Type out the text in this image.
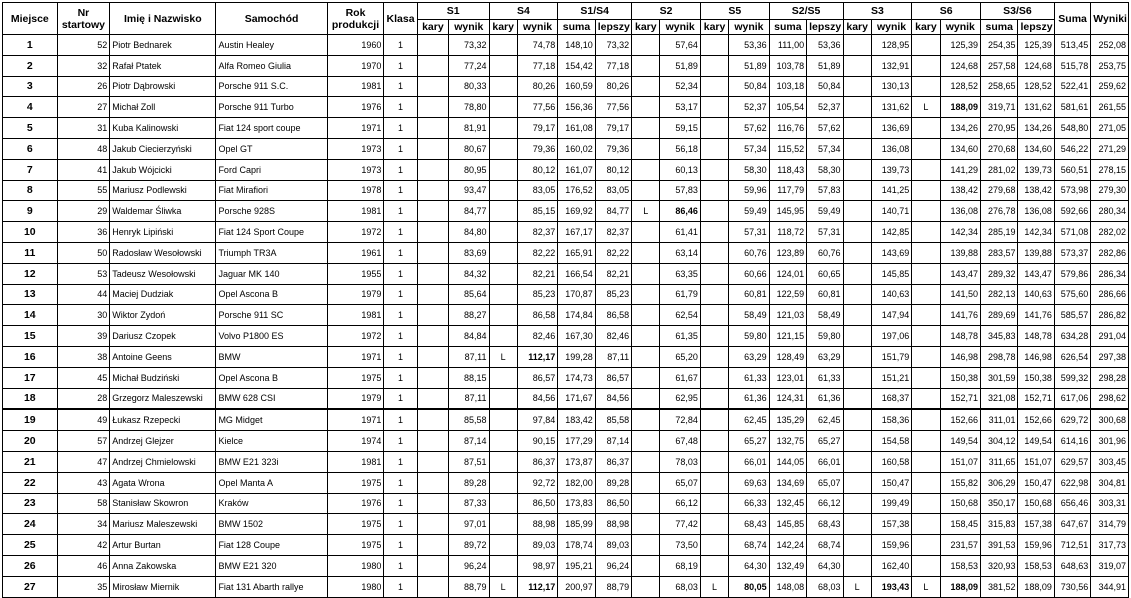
Miejsce	Nr startowy	Imię i Nazwisko	Samochód	Rok produkcji	Klasa	S1		S4		S1/S4		S2		S5		S2/S5		S3		S6		S3/S6		Suma	Wyniki
						kary	wynik	kary	wynik	suma	lepszy	kary	wynik	kary	wynik	suma	lepszy	kary	wynik	kary	wynik	suma	lepszy		
1	52	Piotr Bednarek	Austin Healey	1960	1		73,32		74,78	148,10	73,32		57,64		53,36	111,00	53,36		128,95		125,39	254,35	125,39	513,45	252,08
2	32	Rafał Ptatek	Alfa Romeo Giulia	1970	1		77,24		77,18	154,42	77,18		51,89		51,89	103,78	51,89		132,91		124,68	257,58	124,68	515,78	253,75
3	26	Piotr Dąbrowski	Porsche 911 S.C.	1981	1		80,33		80,26	160,59	80,26		52,34		50,84	103,18	50,84		130,13		128,52	258,65	128,52	522,41	259,62
4	27	Michał Zoll	Porsche 911 Turbo	1976	1		78,80		77,56	156,36	77,56		53,17		52,37	105,54	52,37		131,62	L	188,09	319,71	131,62	581,61	261,55
5	31	Kuba Kalinowski	Fiat 124 sport coupe	1971	1		81,91		79,17	161,08	79,17		59,15		57,62	116,76	57,62		136,69		134,26	270,95	134,26	548,80	271,05
6	48	Jakub Ciecierzyński	Opel GT	1973	1		80,67		79,36	160,02	79,36		56,18		57,34	115,52	57,34		136,08		134,60	270,68	134,60	546,22	271,29
7	41	Jakub Wójcicki	Ford Capri	1973	1		80,95		80,12	161,07	80,12		60,13		58,30	118,43	58,30		139,73		141,29	281,02	139,73	560,51	278,15
8	55	Mariusz Podlewski	Fiat Mirafiori	1978	1		93,47		83,05	176,52	83,05		57,83		59,96	117,79	57,83		141,25		138,42	279,68	138,42	573,98	279,30
9	29	Waldemar Śliwka	Porsche 928S	1981	1		84,77		85,15	169,92	84,77	L	86,46		59,49	145,95	59,49		140,71		136,08	276,78	136,08	592,66	280,34
10	36	Henryk Lipiński	Fiat 124 Sport Coupe	1972	1		84,80		82,37	167,17	82,37		61,41		57,31	118,72	57,31		142,85		142,34	285,19	142,34	571,08	282,02
11	50	Radosław Wesołowski	Triumph TR3A	1961	1		83,69		82,22	165,91	82,22		63,14		60,76	123,89	60,76		143,69		139,88	283,57	139,88	573,37	282,86
12	53	Tadeusz Wesołowski	Jaguar MK 140	1955	1		84,32		82,21	166,54	82,21		63,35		60,66	124,01	60,65		145,85		143,47	289,32	143,47	579,86	286,34
13	44	Maciej Dudziak	Opel Ascona B	1979	1		85,64		85,23	170,87	85,23		61,79		60,81	122,59	60,81		140,63		141,50	282,13	140,63	575,60	286,66
14	30	Wiktor Zydoń	Porsche 911 SC	1981	1		88,27		86,58	174,84	86,58		62,54		58,49	121,03	58,49		147,94		141,76	289,69	141,76	585,57	286,82
15	39	Dariusz Czopek	Volvo P1800 ES	1972	1		84,84		82,46	167,30	82,46		61,35		59,80	121,15	59,80		197,06		148,78	345,83	148,78	634,28	291,04
16	38	Antoine Geens	BMW	1971	1		87,11	L	112,17	199,28	87,11		65,20		63,29	128,49	63,29		151,79		146,98	298,78	146,98	626,54	297,38
17	45	Michał Budziński	Opel Ascona B	1975	1		88,15		86,57	174,73	86,57		61,67		61,33	123,01	61,33		151,21		150,38	301,59	150,38	599,32	298,28
18	28	Grzegorz Maleszewski	BMW 628 CSI	1979	1		87,11		84,56	171,67	84,56		62,95		61,36	124,31	61,36		168,37		152,71	321,08	152,71	617,06	298,62
19	49	Łukasz Rzepecki	MG Midget	1971	1		85,58		97,84	183,42	85,58		72,84		62,45	135,29	62,45		158,36		152,66	311,01	152,66	629,72	300,68
20	57	Andrzej Glejzer	Kielce	1974	1		87,14		90,15	177,29	87,14		67,48		65,27	132,75	65,27		154,58		149,54	304,12	149,54	614,16	301,96
21	47	Andrzej Chmielowski	BMW E21 323i	1981	1		87,51		86,37	173,87	86,37		78,03		66,01	144,05	66,01		160,58		151,07	311,65	151,07	629,57	303,45
22	43	Agata Wrona	Opel Manta A	1975	1		89,28		92,72	182,00	89,28		65,07		69,63	134,69	65,07		150,47		155,82	306,29	150,47	622,98	304,81
23	58	Stanisław Skowron	Kraków	1976	1		87,33		86,50	173,83	86,50		66,12		66,33	132,45	66,12		199,49		150,68	350,17	150,68	656,46	303,31
24	34	Mariusz Maleszewski	BMW 1502	1975	1		97,01		88,98	185,99	88,98		77,42		68,43	145,85	68,43		157,38		158,45	315,83	157,38	647,67	314,79
25	42	Artur Burtan	Fiat 128 Coupe	1975	1		89,72		89,03	178,74	89,03		73,50		68,74	142,24	68,74		159,96		231,57	391,53	159,96	712,51	317,73
26	46	Anna Zakowska	BMW E21 320	1980	1		96,24		98,97	195,21	96,24		68,19		64,30	132,49	64,30		162,40		158,53	320,93	158,53	648,63	319,07
27	35	Mirosław Miernik	Fiat 131 Abarth rallye	1980	1		88,79	L	112,17	200,97	88,79		68,03	L	80,05	148,08	68,03	L	193,43	L	188,09	381,52	188,09	730,56	344,91
